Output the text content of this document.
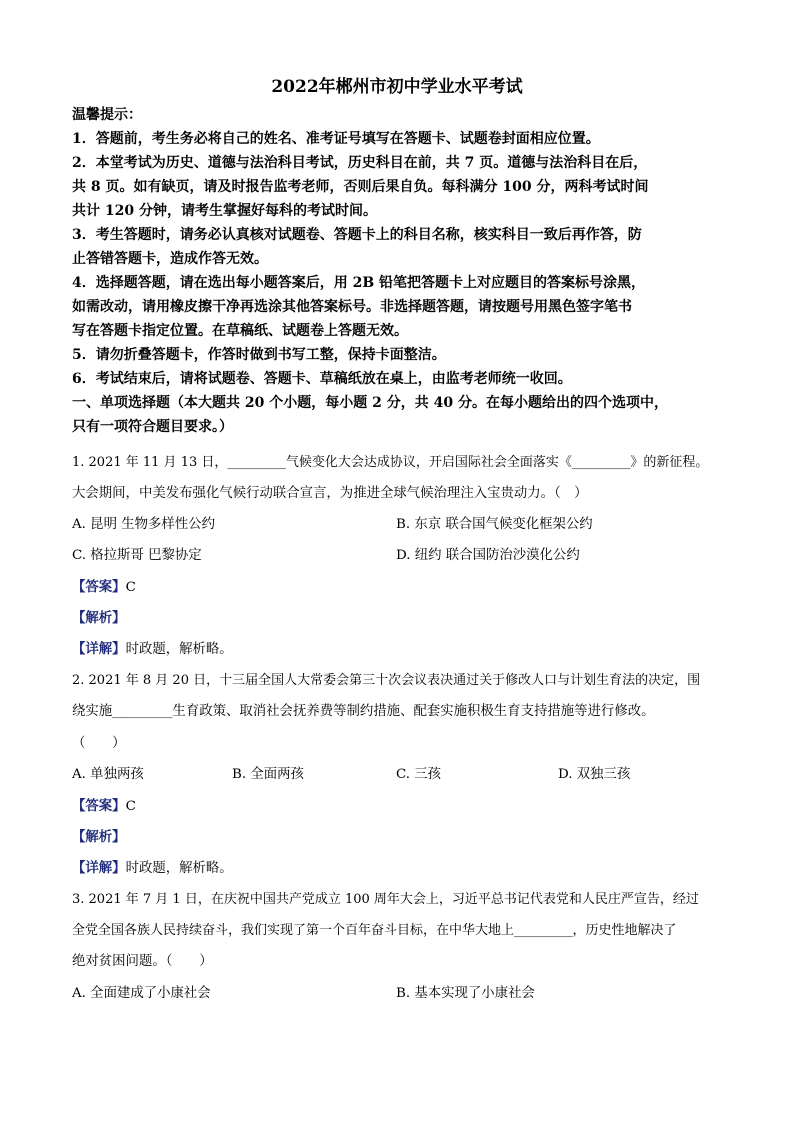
2022年郴州市初中学业水平考试
温馨提示：
1．答题前，考生务必将自己的姓名、准考证号填写在答题卡、试题卷封面相应位置。
2．本堂考试为历史、道德与法治科目考试，历史科目在前，共 7 页。道德与法治科目在后，
共 8 页。如有缺页，请及时报告监考老师，否则后果自负。每科满分 100 分，两科考试时间
共计 120 分钟，请考生掌握好每科的考试时间。
3．考生答题时，请务必认真核对试题卷、答题卡上的科目名称，核实科目一致后再作答，防
止答错答题卡，造成作答无效。
4．选择题答题，请在选出每小题答案后，用 2B 铅笔把答题卡上对应题目的答案标号涂黑，
如需改动，请用橡皮擦干净再选涂其他答案标号。非选择题答题，请按题号用黑色签字笔书
写在答题卡指定位置。在草稿纸、试题卷上答题无效。
5．请勿折叠答题卡，作答时做到书写工整，保持卡面整洁。
6．考试结束后，请将试题卷、答题卡、草稿纸放在桌上，由监考老师统一收回。
一、单项选择题（本大题共 20 个小题，每小题 2 分，共 40 分。在每小题给出的四个选项中，
只有一项符合题目要求。）
1. 2021 年 11 月 13 日，_________气候变化大会达成协议，开启国际社会全面落实《_________》的新征程。
大会期间，中美发布强化气候行动联合宣言，为推进全球气候治理注入宝贵动力。（　）
A. 昆明 生物多样性公约	B. 东京 联合国气候变化框架公约
C. 格拉斯哥 巴黎协定	D. 纽约 联合国防治沙漠化公约
【答案】C
【解析】
【详解】时政题，解析略。
2. 2021 年 8 月 20 日，十三届全国人大常委会第三十次会议表决通过关于修改人口与计划生育法的决定，围
绕实施_________生育政策、取消社会抚养费等制约措施、配套实施积极生育支持措施等进行修改。
（　　）
A. 单独两孩	B. 全面两孩	C. 三孩	D. 双独三孩
【答案】C
【解析】
【详解】时政题，解析略。
3. 2021 年 7 月 1 日，在庆祝中国共产党成立 100 周年大会上，习近平总书记代表党和人民庄严宣告，经过
全党全国各族人民持续奋斗，我们实现了第一个百年奋斗目标，在中华大地上_________，历史性地解决了
绝对贫困问题。（　　）
A. 全面建成了小康社会	B. 基本实现了小康社会
